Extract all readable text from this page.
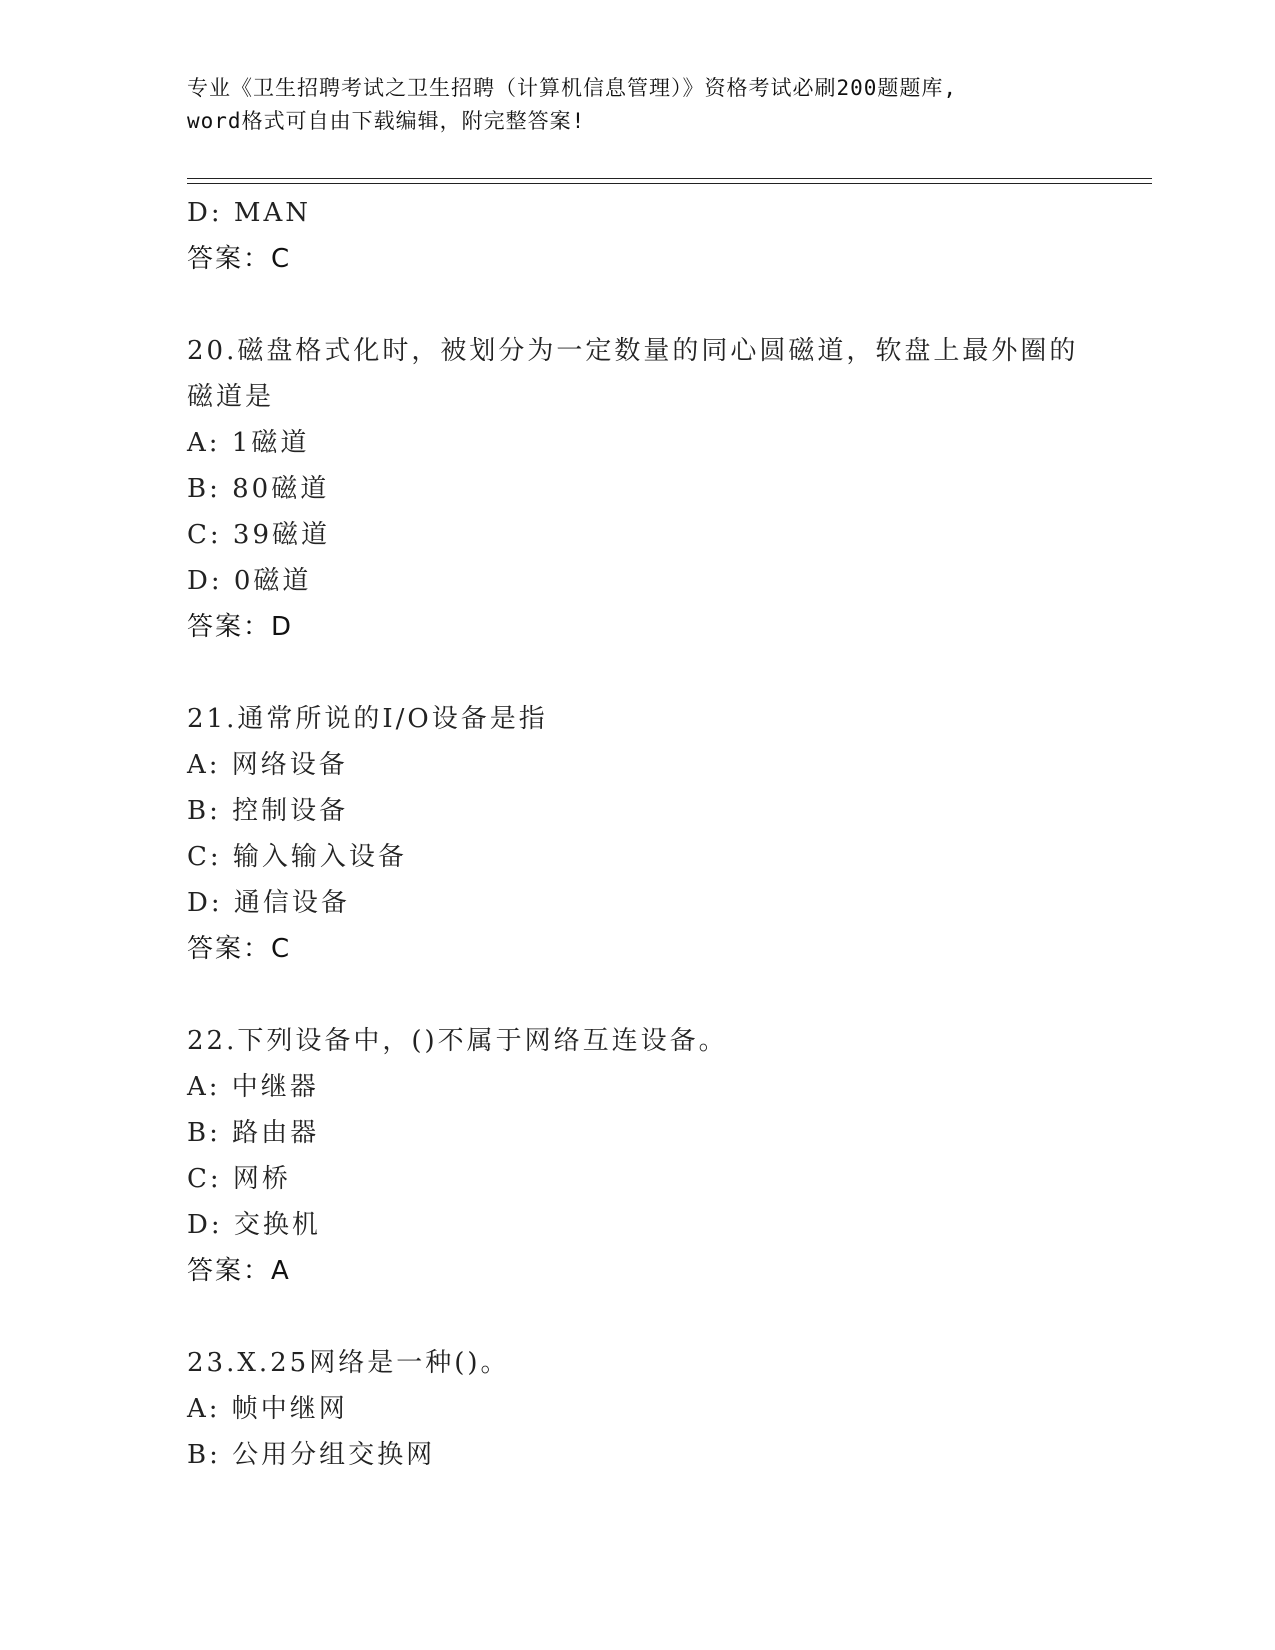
专业《卫生招聘考试之卫生招聘（计算机信息管理）》资格考试必刷200题题库,
word格式可自由下载编辑，附完整答案!
D: MAN
答案：C
20.磁盘格式化时，被划分为一定数量的同心圆磁道，软盘上最外圈的
磁道是
A: 1磁道
B: 80磁道
C: 39磁道
D: 0磁道
答案：D
21.通常所说的I/O设备是指
A: 网络设备
B: 控制设备
C: 输入输入设备
D: 通信设备
答案：C
22.下列设备中，()不属于网络互连设备。
A: 中继器
B: 路由器
C: 网桥
D: 交换机
答案：A
23.X.25网络是一种()。
A: 帧中继网
B: 公用分组交换网
